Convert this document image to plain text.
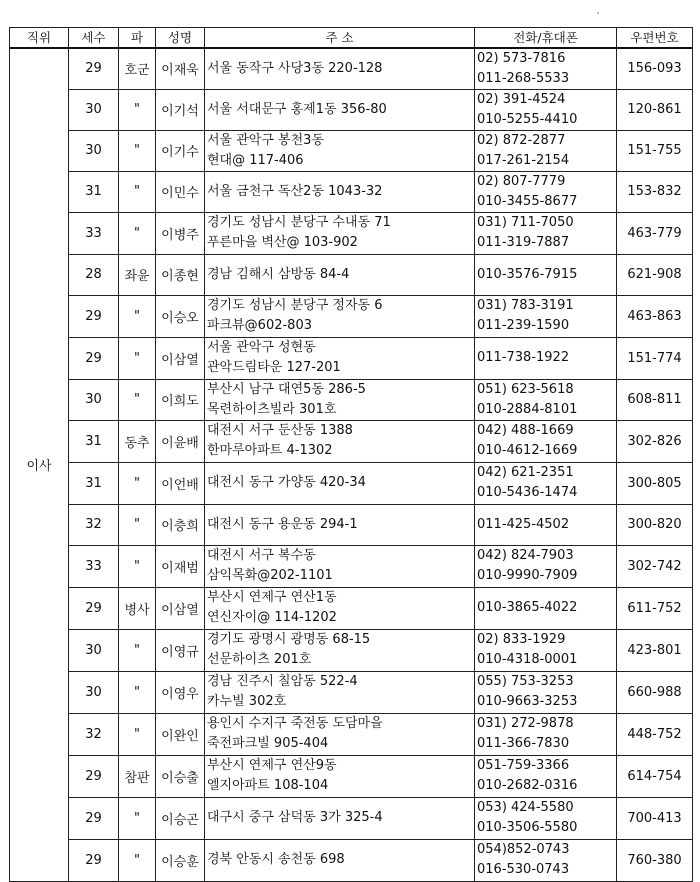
'
직위	세수	파	성명	주 소	전화/휴대폰	우편번호
이사	29	호군	이재욱	서울 동작구 사당3동 220-128	02) 573-7816
011-268-5533	156-093
	30	"	이기석	서울 서대문구 홍제1동 356-80	02) 391-4524
010-5255-4410	120-861
	30	"	이기수	서울 관악구 봉천3동
현대@ 117-406	02) 872-2877
017-261-2154	151-755
	31	"	이민수	서울 금천구 독산2동 1043-32	02) 807-7779
010-3455-8677	153-832
	33	"	이병주	경기도 성남시 분당구 수내동 71
푸른마을 벽산@ 103-902	031) 711-7050
011-319-7887	463-779
	28	좌윤	이종현	경남 김해시 삼방동 84-4	010-3576-7915	621-908
	29	"	이승오	경기도 성남시 분당구 정자동 6
파크뷰@602-803	031) 783-3191
011-239-1590	463-863
	29	"	이삼열	서울 관악구 성현동
관악드림타운 127-201	011-738-1922	151-774
	30	"	이희도	부산시 남구 대연5동 286-5
목련하이츠빌라 301호	051) 623-5618
010-2884-8101	608-811
	31	동추	이윤배	대전시 서구 둔산동 1388
한마루아파트 4-1302	042) 488-1669
010-4612-1669	302-826
	31	"	이언배	대전시 동구 가양동 420-34	042) 621-2351
010-5436-1474	300-805
	32	"	이충희	대전시 동구 용운동 294-1	011-425-4502	300-820
	33	"	이재범	대전시 서구 복수동
삼익목화@202-1101	042) 824-7903
010-9990-7909	302-742
	29	병사	이삼열	부산시 연제구 연산1동
연신자이@ 114-1202	010-3865-4022	611-752
	30	"	이영규	경기도 광명시 광명동 68-15
선문하이츠 201호	02) 833-1929
010-4318-0001	423-801
	30	"	이영우	경남 진주시 칠암동 522-4
카누빌 302호	055) 753-3253
010-9663-3253	660-988
	32	"	이완인	용인시 수지구 죽전동 도담마을
죽전파크빌 905-404	031) 272-9878
011-366-7830	448-752
	29	참판	이승출	부산시 연제구 연산9동
엘지아파트 108-104	051-759-3366
010-2682-0316	614-754
	29	"	이승곤	대구시 중구 삼덕동 3가 325-4	053) 424-5580
010-3506-5580	700-413
	29	"	이승훈	경북 안동시 송천동 698	054)852-0743
016-530-0743	760-380
